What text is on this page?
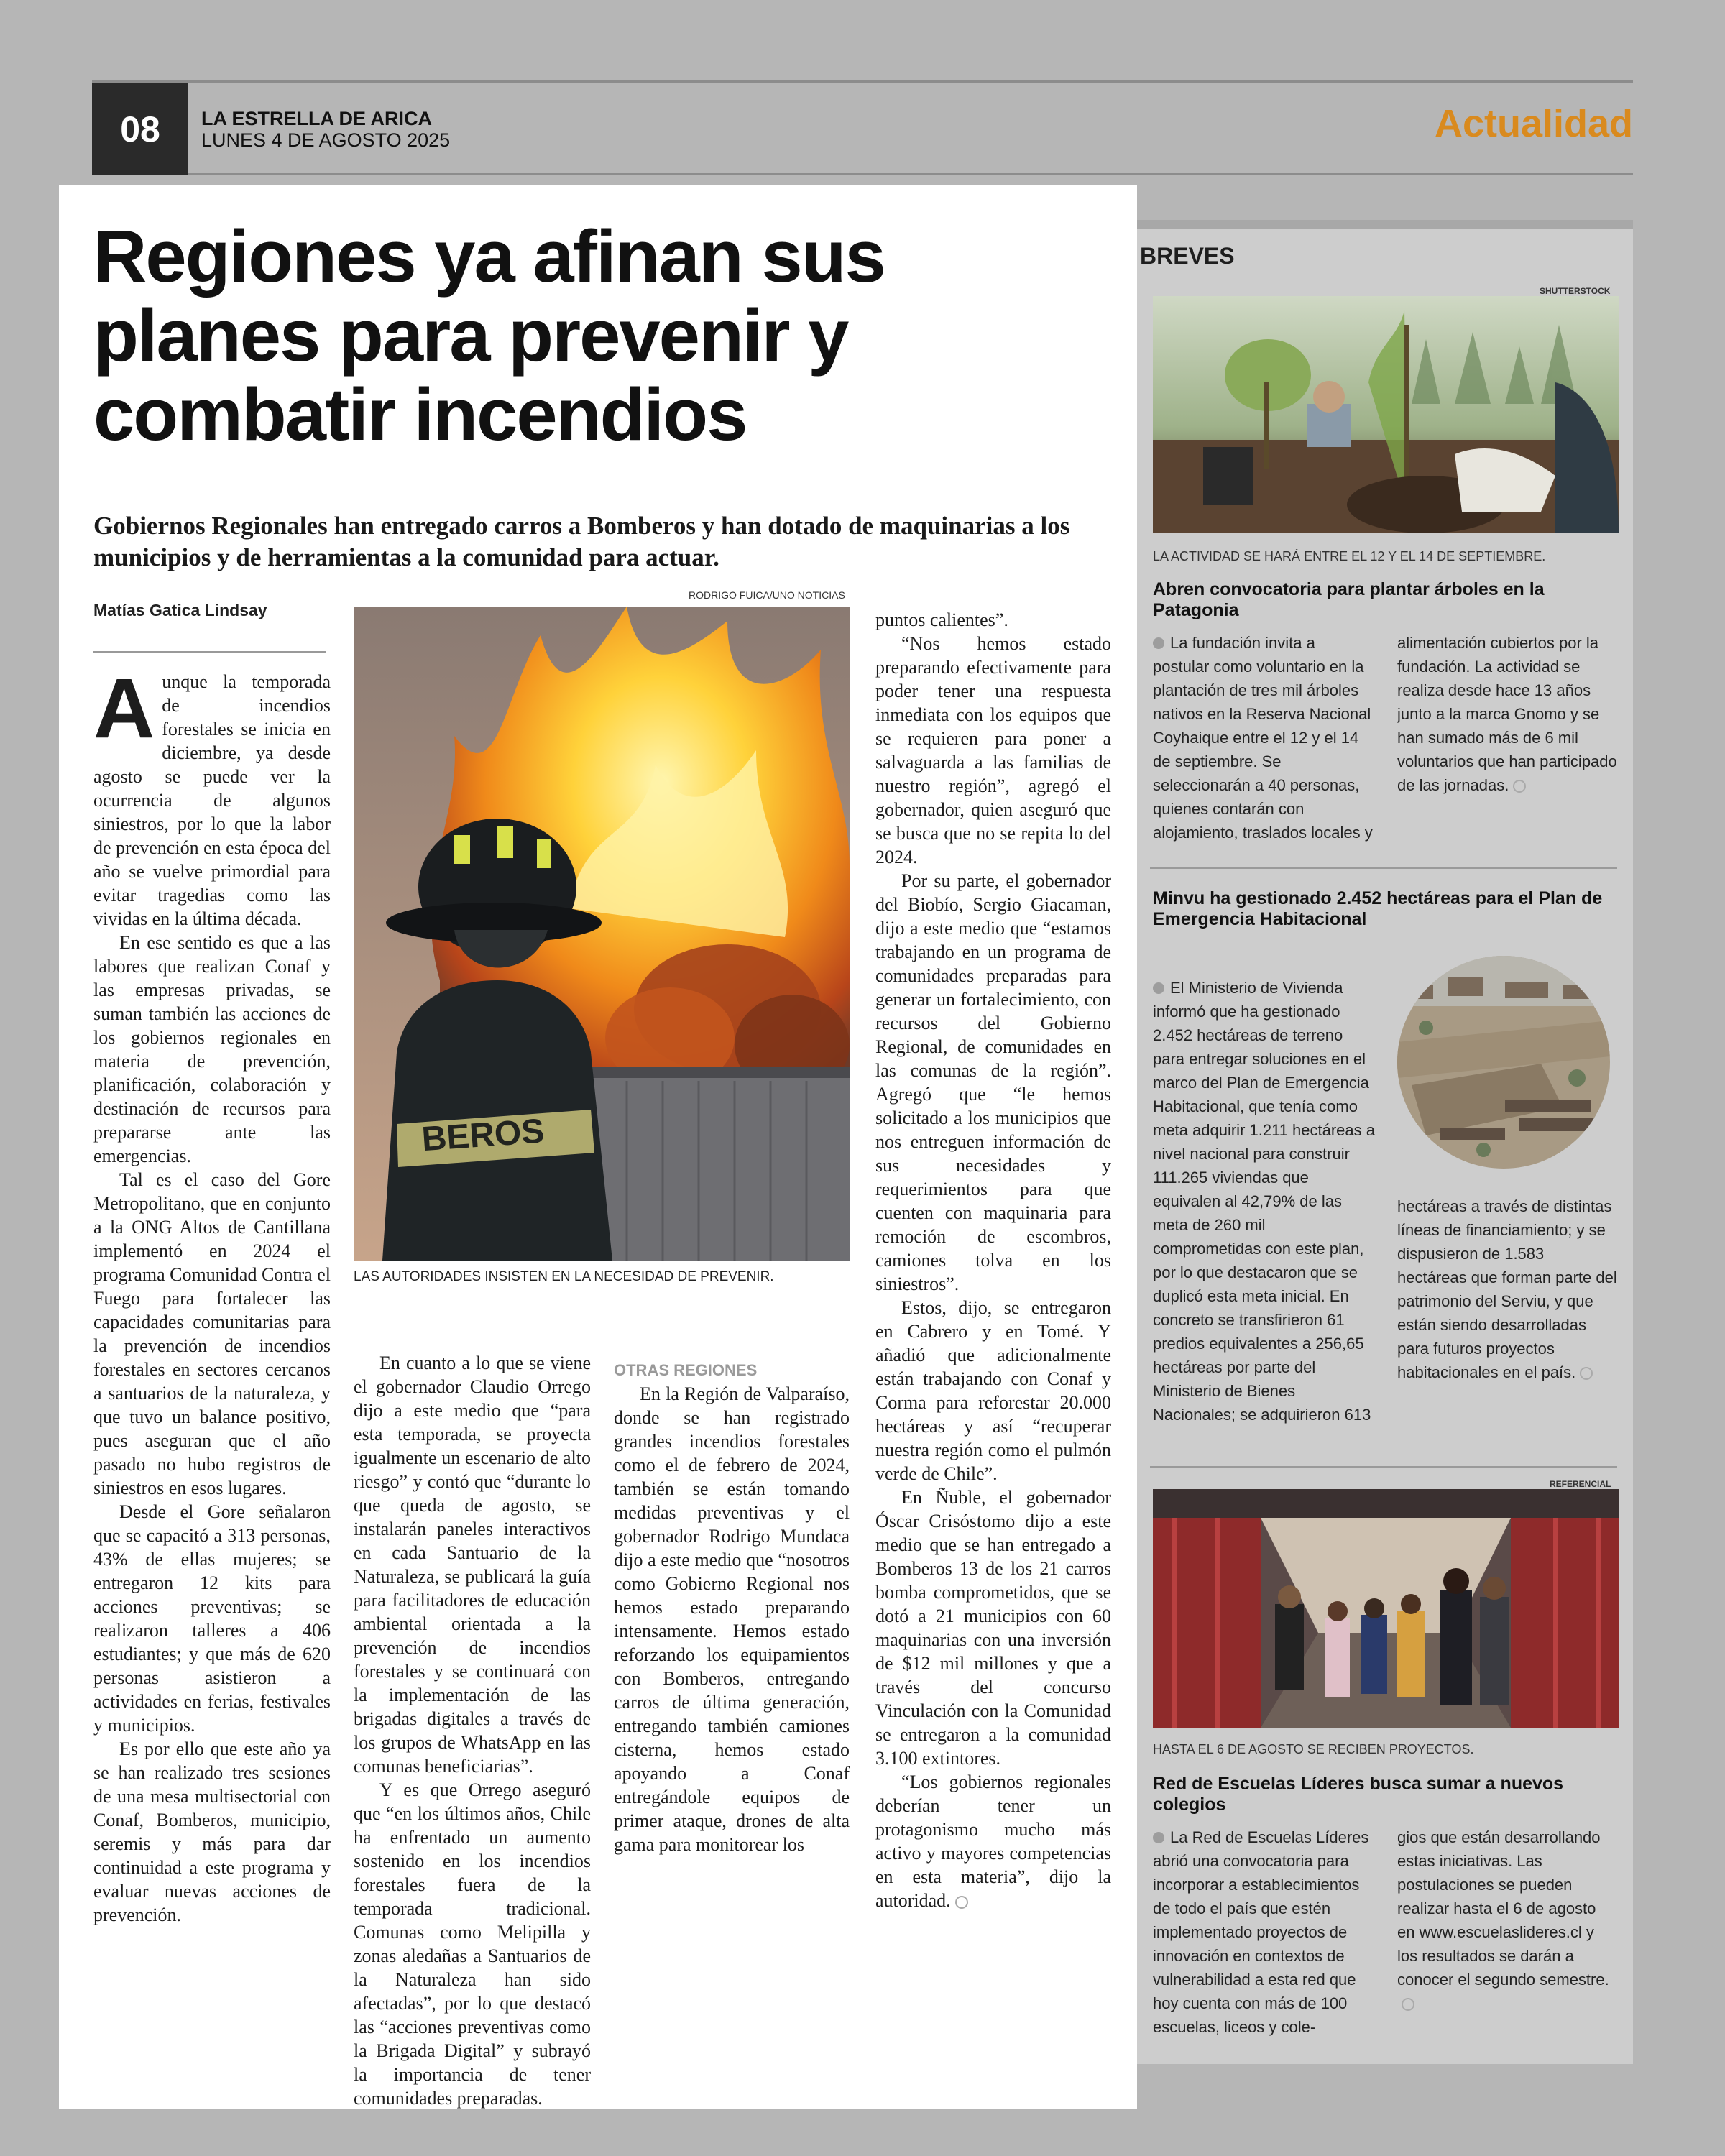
08	LA ESTRELLA DE ARICA
LUNES 4 DE AGOSTO 2025	Actualidad
Regiones ya afinan sus planes para prevenir y combatir incendios
Gobiernos Regionales han entregado carros a Bomberos y han dotado de maquinarias a los municipios y de herramientas a la comunidad para actuar.
Matías Gatica Lindsay

Aunque la temporada de incendios forestales se inicia en diciembre, ya desde agosto se puede ver la ocurrencia de algunos siniestros, por lo que la labor de prevención en esta época del año se vuelve primordial para evitar tragedias como las vividas en la última década.

En ese sentido es que a las labores que realizan Conaf y las empresas privadas, se suman también las acciones de los gobiernos regionales en materia de prevención, planificación, colaboración y destinación de recursos para prepararse ante las emergencias.

Tal es el caso del Gore Metropolitano, que en conjunto a la ONG Altos de Cantillana implementó en 2024 el programa Comunidad Contra el Fuego para fortalecer las capacidades comunitarias para la prevención de incendios forestales en sectores cercanos a santuarios de la naturaleza, y que tuvo un balance positivo, pues aseguran que el año pasado no hubo registros de siniestros en esos lugares.

Desde el Gore señalaron que se capacitó a 313 personas, 43% de ellas mujeres; se entregaron 12 kits para acciones preventivas; se realizaron talleres a 406 estudiantes; y que más de 620 personas asistieron a actividades en ferias, festivales y municipios.

Es por ello que este año ya se han realizado tres sesiones de una mesa multisectorial con Conaf, Bomberos, municipio, seremis y más para dar continuidad a este programa y evaluar nuevas acciones de prevención.

RODRIGO FUICA/UNO NOTICIAS
BEROS
LAS AUTORIDADES INSISTEN EN LA NECESIDAD DE PREVENIR.

En cuanto a lo que se viene el gobernador Claudio Orrego dijo a este medio que “para esta temporada, se proyecta igualmente un escenario de alto riesgo” y contó que “durante lo que queda de agosto, se instalarán paneles interactivos en cada Santuario de la Naturaleza, se publicará la guía para facilitadores de educación ambiental orientada a la prevención de incendios forestales y se continuará con la implementación de las brigadas digitales a través de los grupos de WhatsApp en las comunas beneficiarias”.

Y es que Orrego aseguró que “en los últimos años, Chile ha enfrentado un aumento sostenido en los incendios forestales fuera de la temporada tradicional. Comunas como Melipilla y zonas aledañas a Santuarios de la Naturaleza han sido afectadas”, por lo que destacó las “acciones preventivas como la Brigada Digital” y subrayó la importancia de tener comunidades preparadas.

OTRAS REGIONES

En la Región de Valparaíso, donde se han registrado grandes incendios forestales como el de febrero de 2024, también se están tomando medidas preventivas y el gobernador Rodrigo Mundaca dijo a este medio que “nosotros como Gobierno Regional nos hemos estado preparando intensamente. Hemos estado reforzando los equipamientos con Bomberos, entregando carros de última generación, entregando también camiones cisterna, hemos estado apoyando a Conaf entregándole equipos de primer ataque, drones de alta gama para monitorear los

puntos calientes”.

“Nos hemos estado preparando efectivamente para poder tener una respuesta inmediata con los equipos que se requieren para poner a salvaguarda a las familias de nuestro región”, agregó el gobernador, quien aseguró que se busca que no se repita lo del 2024.

Por su parte, el gobernador del Biobío, Sergio Giacaman, dijo a este medio que “estamos trabajando en un programa de comunidades preparadas para generar un fortalecimiento, con recursos del Gobierno Regional, de comunidades en las comunas de la región”. Agregó que “le hemos solicitado a los municipios que nos entreguen información de sus necesidades y requerimientos para que cuenten con maquinaria para remoción de escombros, camiones tolva en los siniestros”.

Estos, dijo, se entregaron en Cabrero y en Tomé. Y añadió que adicionalmente están trabajando con Conaf y Corma para reforestar 20.000 hectáreas y así “recuperar nuestra región como el pulmón verde de Chile”.

En Ñuble, el gobernador Óscar Crisóstomo dijo a este medio que se han entregado a Bomberos 13 de los 21 carros bomba comprometidos, que se dotó a 21 municipios con 60 maquinarias con una inversión de $12 mil millones y que a través del concurso Vinculación con la Comunidad se entregaron a la comunidad 3.100 extintores.

“Los gobiernos regionales deberían tener un protagonismo mucho más activo y mayores competencias en esta materia”, dijo la autoridad.

BREVES
SHUTTERSTOCK
LA ACTIVIDAD SE HARÁ ENTRE EL 12 Y EL 14 DE SEPTIEMBRE.
Abren convocatoria para plantar árboles en la Patagonia
La fundación invita a postular como voluntario en la plantación de tres mil árboles nativos en la Reserva Nacional Coyhaique entre el 12 y el 14 de septiembre. Se seleccionarán a 40 personas, quienes contarán con alojamiento, traslados locales y
alimentación cubiertos por la fundación. La actividad se realiza desde hace 13 años junto a la marca Gnomo y se han sumado más de 6 mil voluntarios que han participado de las jornadas.
Minvu ha gestionado 2.452 hectáreas para el Plan de Emergencia Habitacional
El Ministerio de Vivienda informó que ha gestionado 2.452 hectáreas de terreno para entregar soluciones en el marco del Plan de Emergencia Habitacional, que tenía como meta adquirir 1.211 hectáreas a nivel nacional para construir 111.265 viviendas que equivalen al 42,79% de las meta de 260 mil comprometidas con este plan, por lo que destacaron que se duplicó esta meta inicial. En concreto se transfirieron 61 predios equivalentes a 256,65 hectáreas por parte del Ministerio de Bienes Nacionales; se adquirieron 613
hectáreas a través de distintas líneas de financiamiento; y se dispusieron de 1.583 hectáreas que forman parte del patrimonio del Serviu, y que están siendo desarrolladas para futuros proyectos habitacionales en el país.
REFERENCIAL
HASTA EL 6 DE AGOSTO SE RECIBEN PROYECTOS.
Red de Escuelas Líderes busca sumar a nuevos colegios
La Red de Escuelas Líderes abrió una convocatoria para incorporar a establecimientos de todo el país que estén implementado proyectos de innovación en contextos de vulnerabilidad a esta red que hoy cuenta con más de 100 escuelas, liceos y cole-
gios que están desarrollando estas iniciativas. Las postulaciones se pueden realizar hasta el 6 de agosto en www.escuelaslideres.cl y los resultados se darán a conocer el segundo semestre.
